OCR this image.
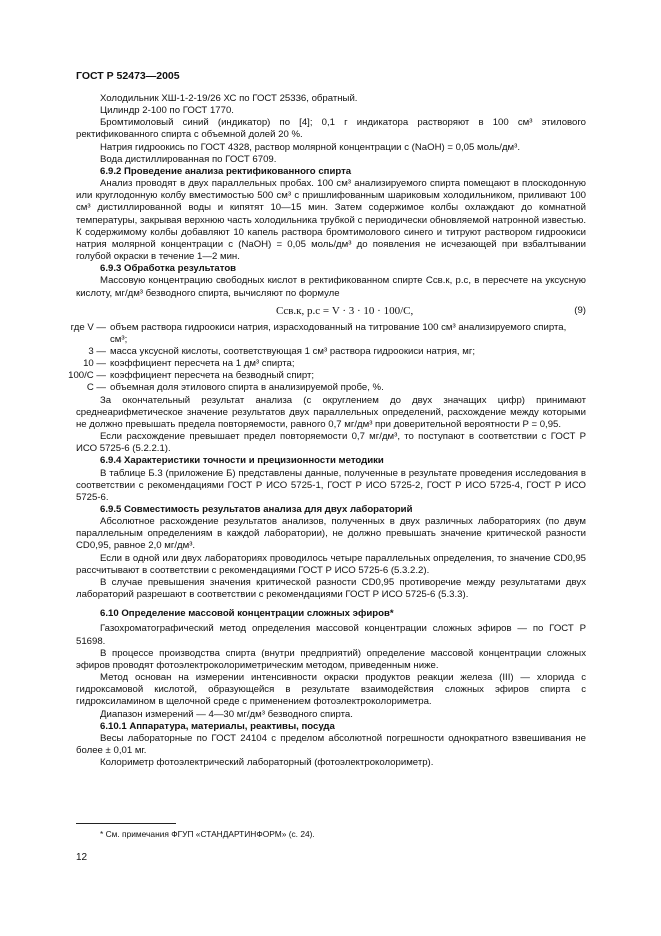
ГОСТ Р 52473—2005

Холодильник ХШ-1-2-19/26 ХС по ГОСТ 25336, обратный.

Цилиндр 2-100 по ГОСТ 1770.

Бромтимоловый синий (индикатор) по [4]; 0,1 г индикатора растворяют в 100 см³ этилового ректификованного спирта с объемной долей 20 %.

Натрия гидроокись по ГОСТ 4328, раствор молярной концентрации c (NaOH) = 0,05 моль/дм³.

Вода дистиллированная по ГОСТ 6709.

6.9.2 Проведение анализа ректификованного спирта

Анализ проводят в двух параллельных пробах. 100 см³ анализируемого спирта помещают в плоскодонную или круглодонную колбу вместимостью 500 см³ с пришлифованным шариковым холодильником, приливают 100 см³ дистиллированной воды и кипятят 10—15 мин. Затем содержимое колбы охлаждают до комнатной температуры, закрывая верхнюю часть холодильника трубкой с периодически обновляемой натронной известью. К содержимому колбы добавляют 10 капель раствора бромтимолового синего и титруют раствором гидроокиси натрия молярной концентрации c (NaOH) = 0,05 моль/дм³ до появления не исчезающей при взбалтывании голубой окраски в течение 1—2 мин.

6.9.3 Обработка результатов

Массовую концентрацию свободных кислот в ректификованном спирте Cсв.к, р.с, в пересчете на уксусную кислоту, мг/дм³ безводного спирта, вычисляют по формуле

Cсв.к, р.с = V · 3 · 10 · 100/C,	(9)
где V — объем раствора гидроокиси натрия, израсходованный на титрование 100 см³ анализируемого спирта, см³;
3 — масса уксусной кислоты, соответствующая 1 см³ раствора гидроокиси натрия, мг;
10 — коэффициент пересчета на 1 дм³ спирта;
100/C — коэффициент пересчета на безводный спирт;
C — объемная доля этилового спирта в анализируемой пробе, %.

За окончательный результат анализа (с округлением до двух значащих цифр) принимают среднеарифметическое значение результатов двух параллельных определений, расхождение между которыми не должно превышать предела повторяемости, равного 0,7 мг/дм³ при доверительной вероятности P = 0,95.

Если расхождение превышает предел повторяемости 0,7 мг/дм³, то поступают в соответствии с ГОСТ Р ИСО 5725-6 (5.2.2.1).

6.9.4 Характеристики точности и прецизионности методики

В таблице Б.3 (приложение Б) представлены данные, полученные в результате проведения исследования в соответствии с рекомендациями ГОСТ Р ИСО 5725-1, ГОСТ Р ИСО 5725-2, ГОСТ Р ИСО 5725-4, ГОСТ Р ИСО 5725-6.

6.9.5 Совместимость результатов анализа для двух лабораторий

Абсолютное расхождение результатов анализов, полученных в двух различных лабораториях (по двум параллельным определениям в каждой лаборатории), не должно превышать значение критической разности CD0,95, равное 2,0 мг/дм³.

Если в одной или двух лабораториях проводилось четыре параллельных определения, то значение CD0,95 рассчитывают в соответствии с рекомендациями ГОСТ Р ИСО 5725-6 (5.3.2.2).

В случае превышения значения критической разности CD0,95 противоречие между результатами двух лабораторий разрешают в соответствии с рекомендациями ГОСТ Р ИСО 5725-6 (5.3.3).

6.10 Определение массовой концентрации сложных эфиров*

Газохроматографический метод определения массовой концентрации сложных эфиров — по ГОСТ Р 51698.

В процессе производства спирта (внутри предприятий) определение массовой концентрации сложных эфиров проводят фотоэлектроколориметрическим методом, приведенным ниже.

Метод основан на измерении интенсивности окраски продуктов реакции железа (III) — хлорида с гидроксамовой кислотой, образующейся в результате взаимодействия сложных эфиров спирта с гидроксиламином в щелочной среде с применением фотоэлектроколориметра.

Диапазон измерений — 4—30 мг/дм³ безводного спирта.

6.10.1 Аппаратура, материалы, реактивы, посуда

Весы лабораторные по ГОСТ 24104 с пределом абсолютной погрешности однократного взвешивания не более ± 0,01 мг.

Колориметр фотоэлектрический лабораторный (фотоэлектроколориметр).

* См. примечания ФГУП «СТАНДАРТИНФОРМ» (с. 24).
12
